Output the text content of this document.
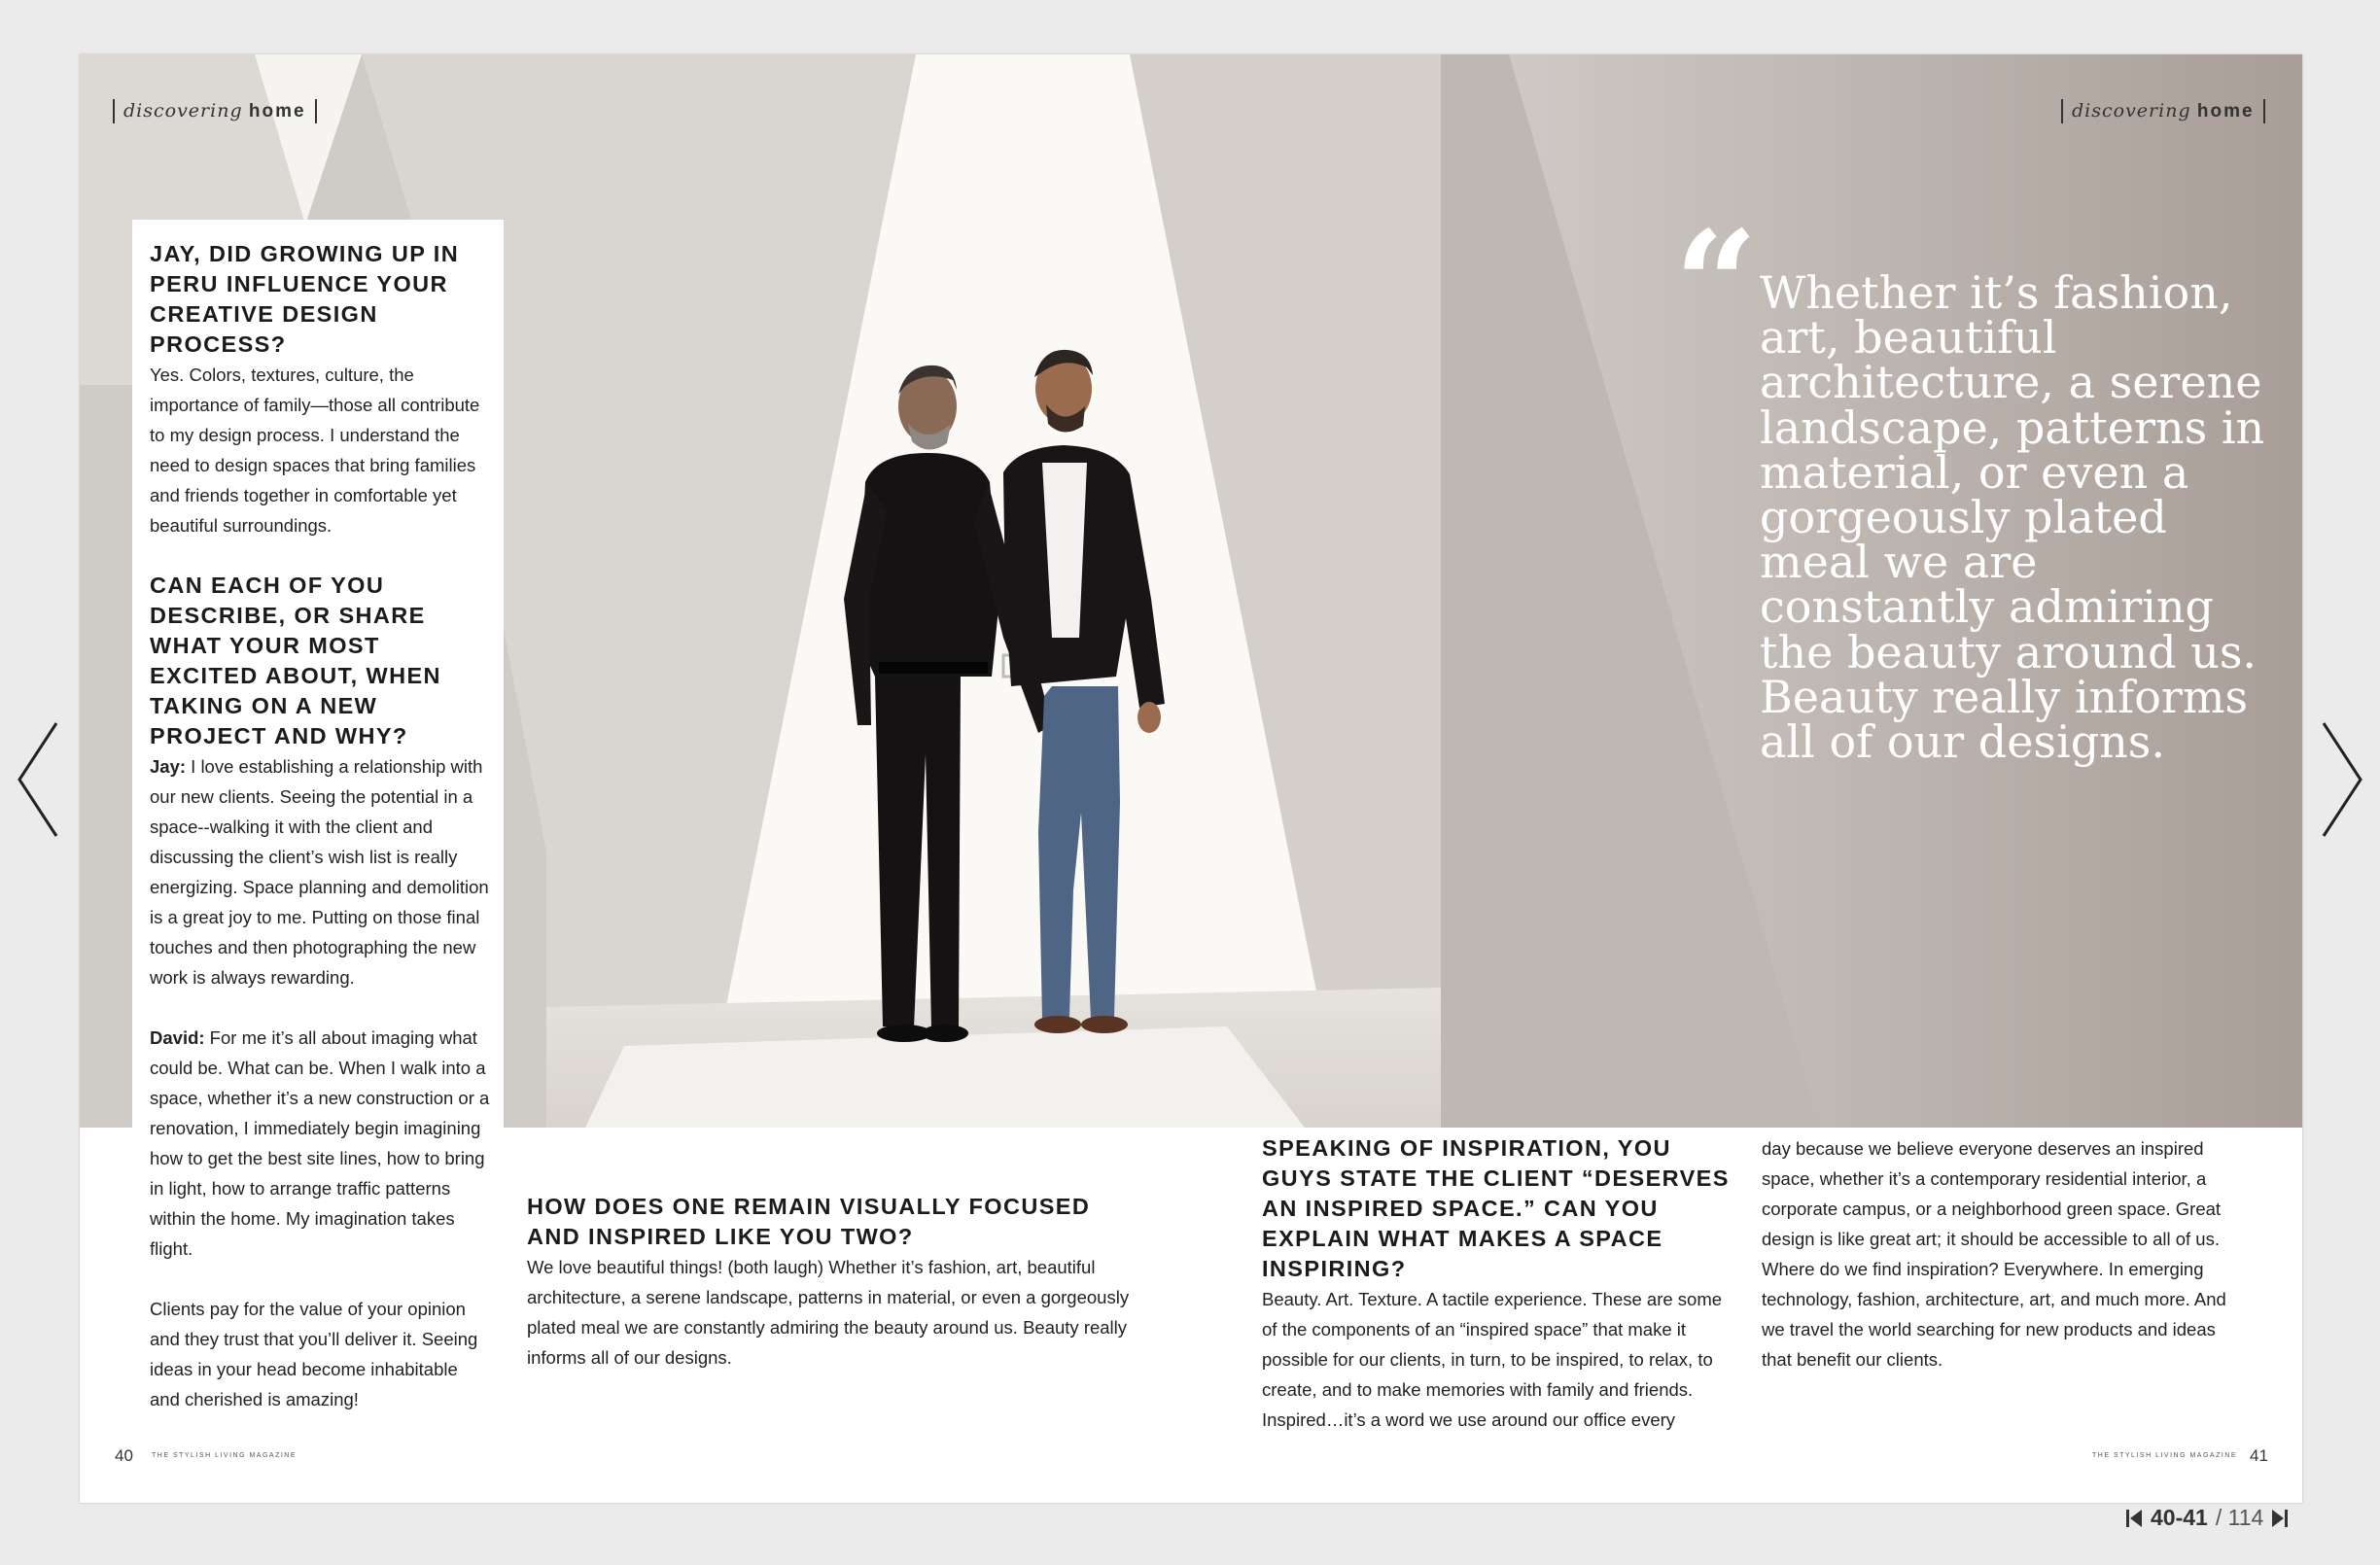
discovering home	discovering home

JAY, DID GROWING UP IN PERU INFLUENCE YOUR CREATIVE DESIGN PROCESS?

Yes. Colors, textures, culture, the importance of family—those all contribute to my design process. I understand the need to design spaces that bring families and friends together in comfortable yet beautiful surroundings.

CAN EACH OF YOU DESCRIBE, OR SHARE WHAT YOUR MOST EXCITED ABOUT, WHEN TAKING ON A NEW PROJECT AND WHY?

Jay: I love establishing a relationship with our new clients. Seeing the potential in a space--walking it with the client and discussing the client’s wish list is really energizing. Space planning and demolition is a great joy to me. Putting on those final touches and then photographing the new work is always rewarding.

David: For me it’s all about imaging what could be. What can be. When I walk into a space, whether it’s a new construction or a renovation, I immediately begin imagining how to get the best site lines, how to bring in light, how to arrange traffic patterns within the home. My imagination takes flight.

Clients pay for the value of your opinion and they trust that you’ll deliver it. Seeing ideas in your head become inhabitable and cherished is amazing!

HOW DOES ONE REMAIN VISUALLY FOCUSED AND INSPIRED LIKE YOU TWO?

We love beautiful things! (both laugh) Whether it’s fashion, art, beautiful architecture, a serene landscape, patterns in material, or even a gorgeously plated meal we are constantly admiring the beauty around us. Beauty really informs all of our designs.

SPEAKING OF INSPIRATION, YOU GUYS STATE THE CLIENT “DESERVES AN INSPIRED SPACE.” CAN YOU EXPLAIN WHAT MAKES A SPACE INSPIRING?

Beauty. Art. Texture. A tactile experience. These are some of the components of an “inspired space” that make it possible for our clients, in turn, to be inspired, to relax, to create, and to make memories with family and friends. Inspired…it’s a word we use around our office every

day because we believe everyone deserves an inspired space, whether it’s a contemporary residential interior, a corporate campus, or a neighborhood green space. Great design is like great art; it should be accessible to all of us. Where do we find inspiration? Everywhere. In emerging technology, fashion, architecture, art, and much more. And we travel the world searching for new products and ideas that benefit our clients.

“ Whether it’s fashion, art, beautiful architecture, a serene landscape, patterns in material, or even a gorgeously plated meal we are constantly admiring the beauty around us. Beauty really informs all of our designs.
40	THE STYLISH LIVING MAGAZINE	THE STYLISH LIVING MAGAZINE 41
40-41 / 114
